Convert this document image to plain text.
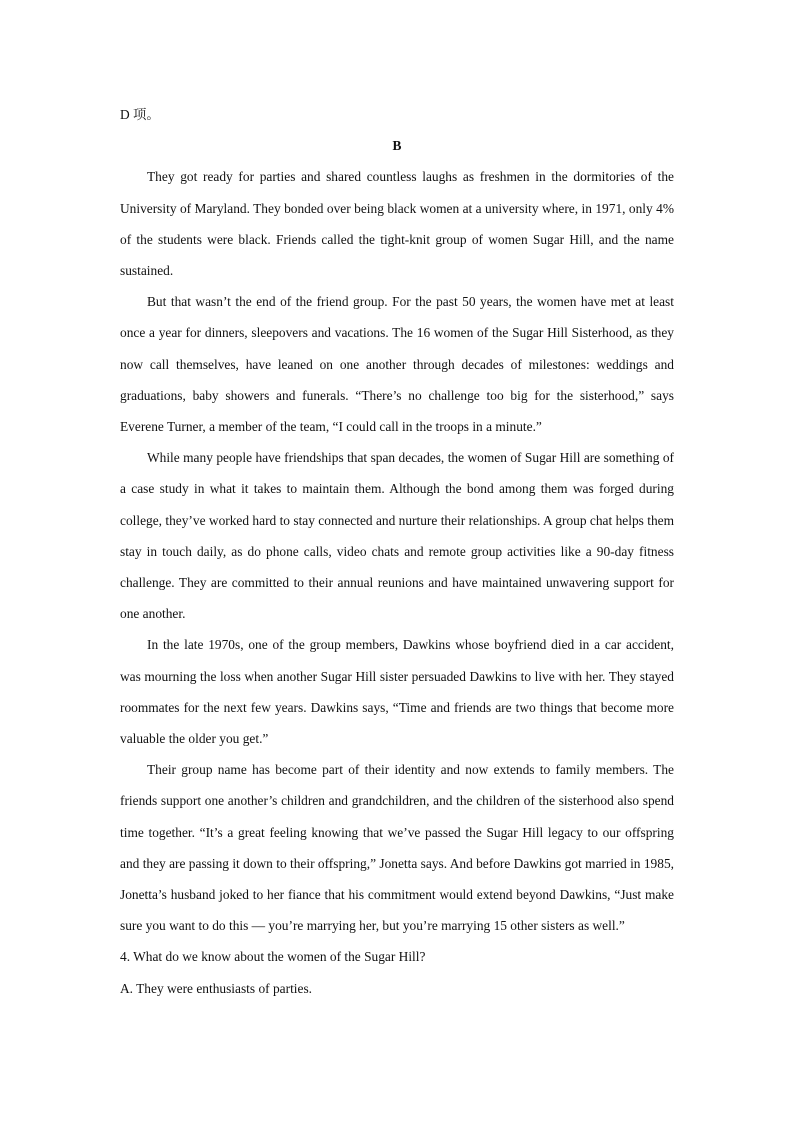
D 项。
B

They got ready for parties and shared countless laughs as freshmen in the dormitories of the University of Maryland. They bonded over being black women at a university where, in 1971, only 4% of the students were black. Friends called the tight-knit group of women Sugar Hill, and the name sustained.

But that wasn’t the end of the friend group. For the past 50 years, the women have met at least once a year for dinners, sleepovers and vacations. The 16 women of the Sugar Hill Sisterhood, as they now call themselves, have leaned on one another through decades of milestones: weddings and graduations, baby showers and funerals. “There’s no challenge too big for the sisterhood,” says Everene Turner, a member of the team, “I could call in the troops in a minute.”

While many people have friendships that span decades, the women of Sugar Hill are something of a case study in what it takes to maintain them. Although the bond among them was forged during college, they’ve worked hard to stay connected and nurture their relationships. A group chat helps them stay in touch daily, as do phone calls, video chats and remote group activities like a 90-day fitness challenge. They are committed to their annual reunions and have maintained unwavering support for one another.

In the late 1970s, one of the group members, Dawkins whose boyfriend died in a car accident, was mourning the loss when another Sugar Hill sister persuaded Dawkins to live with her. They stayed roommates for the next few years. Dawkins says, “Time and friends are two things that become more valuable the older you get.”

Their group name has become part of their identity and now extends to family members. The friends support one another’s children and grandchildren, and the children of the sisterhood also spend time together. “It’s a great feeling knowing that we’ve passed the Sugar Hill legacy to our offspring and they are passing it down to their offspring,” Jonetta says. And before Dawkins got married in 1985, Jonetta’s husband joked to her fiance that his commitment would extend beyond Dawkins, “Just make sure you want to do this — you’re marrying her, but you’re marrying 15 other sisters as well.”

4. What do we know about the women of the Sugar Hill?
A. They were enthusiasts of parties.
